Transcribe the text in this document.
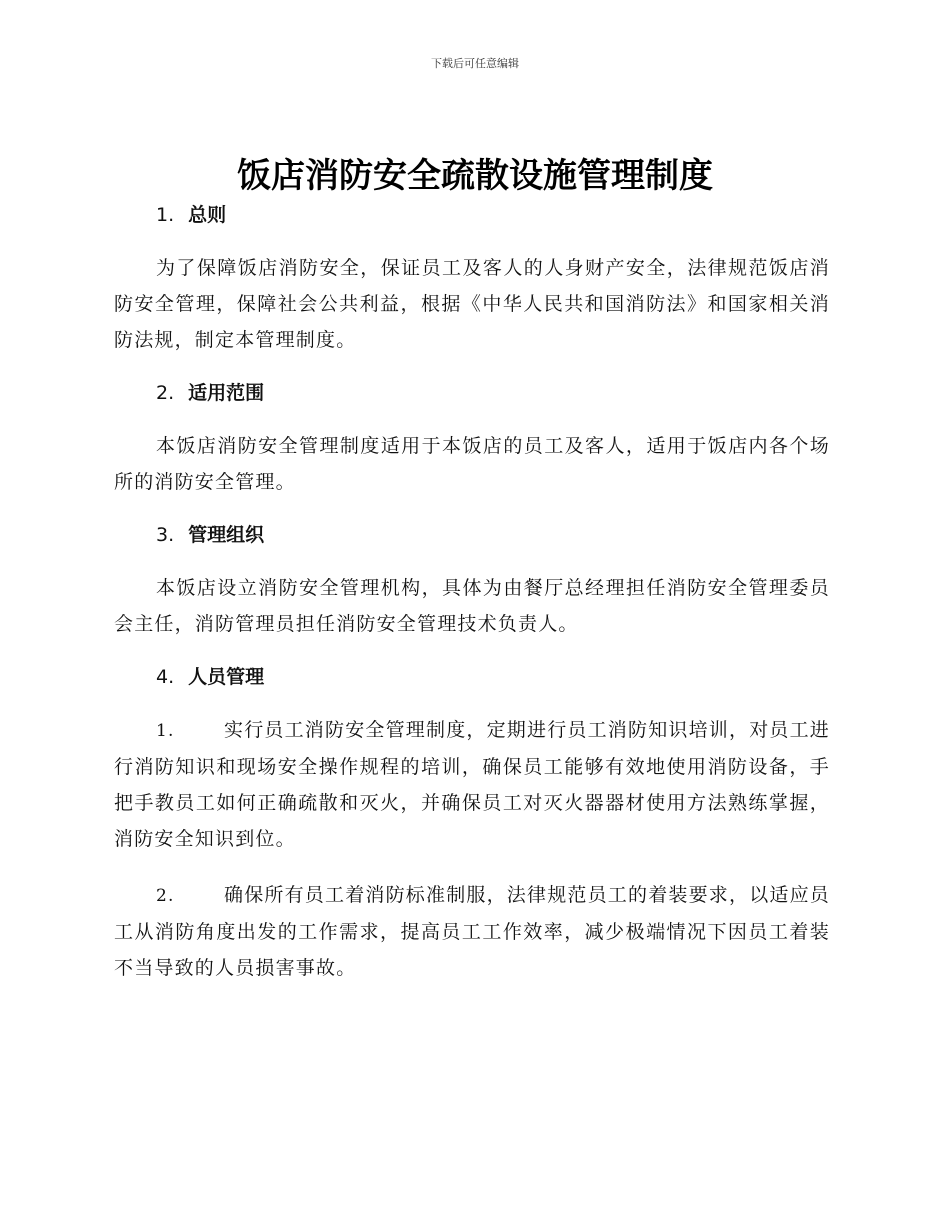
下载后可任意编辑
饭店消防安全疏散设施管理制度
1. 总则

为了保障饭店消防安全，保证员工及客人的人身财产安全，法律规范饭店消防安全管理，保障社会公共利益，根据《中华人民共和国消防法》和国家相关消防法规，制定本管理制度。

2. 适用范围

本饭店消防安全管理制度适用于本饭店的员工及客人，适用于饭店内各个场所的消防安全管理。

3. 管理组织

本饭店设立消防安全管理机构，具体为由餐厅总经理担任消防安全管理委员会主任，消防管理员担任消防安全管理技术负责人。

4. 人员管理

1.	实行员工消防安全管理制度，定期进行员工消防知识培训，对员工进行消防知识和现场安全操作规程的培训，确保员工能够有效地使用消防设备，手把手教员工如何正确疏散和灭火，并确保员工对灭火器器材使用方法熟练掌握，消防安全知识到位。

2.	确保所有员工着消防标准制服，法律规范员工的着装要求，以适应员工从消防角度出发的工作需求，提高员工工作效率，减少极端情况下因员工着装不当导致的人员损害事故。
